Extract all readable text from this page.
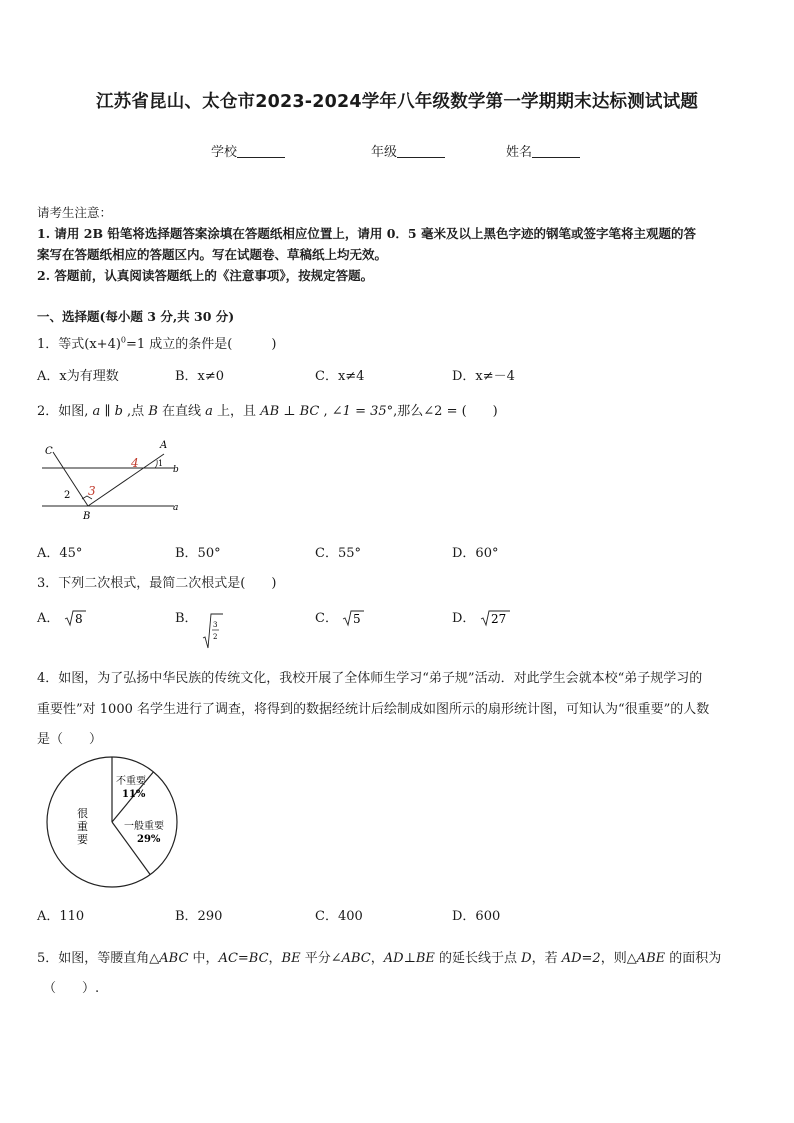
江苏省昆山、太仓市2023-2024学年八年级数学第一学期期末达标测试试题
学校	年级	姓名
请考生注意：
1. 请用 2B 铅笔将选择题答案涂填在答题纸相应位置上，请用 0．5 毫米及以上黑色字迹的钢笔或签字笔将主观题的答
案写在答题纸相应的答题区内。写在试题卷、草稿纸上均无效。
2. 答题前，认真阅读答题纸上的《注意事项》，按规定答题。
一、选择题(每小题 3 分,共 30 分)
1．等式$(x+4)^0=1$ 成立的条件是(　　　)
A．x为有理数	B．x≠0	C．x≠4	D．x≠－4
2．如图, a ∥ b ,点 B 在直线 a 上，且 AB ⊥ BC , ∠1 = 35°,那么∠2 = (　　)
C
A
B
b
a
1
2 3
4
A．45°	B．50°	C．55°	D．60°
3．下列二次根式，最简二次根式是(　　)
A． 8	B． 3
2
C． 5	D． 27
4．如图，为了弘扬中华民族的传统文化，我校开展了全体师生学习“弟子规”活动．对此学生会就本校“弟子规学习的
重要性”对 1000 名学生进行了调查，将得到的数据经统计后绘制成如图所示的扇形统计图，可知认为“很重要”的人数
是（　　）
不重要
11%
一般重要
29%
很重要
A．110	B．290	C．400	D．600
5．如图，等腰直角△ABC 中，AC=BC，BE 平分∠ABC，AD⊥BE 的延长线于点 D，若 AD=2，则△ABE 的面积为
（　　）.
